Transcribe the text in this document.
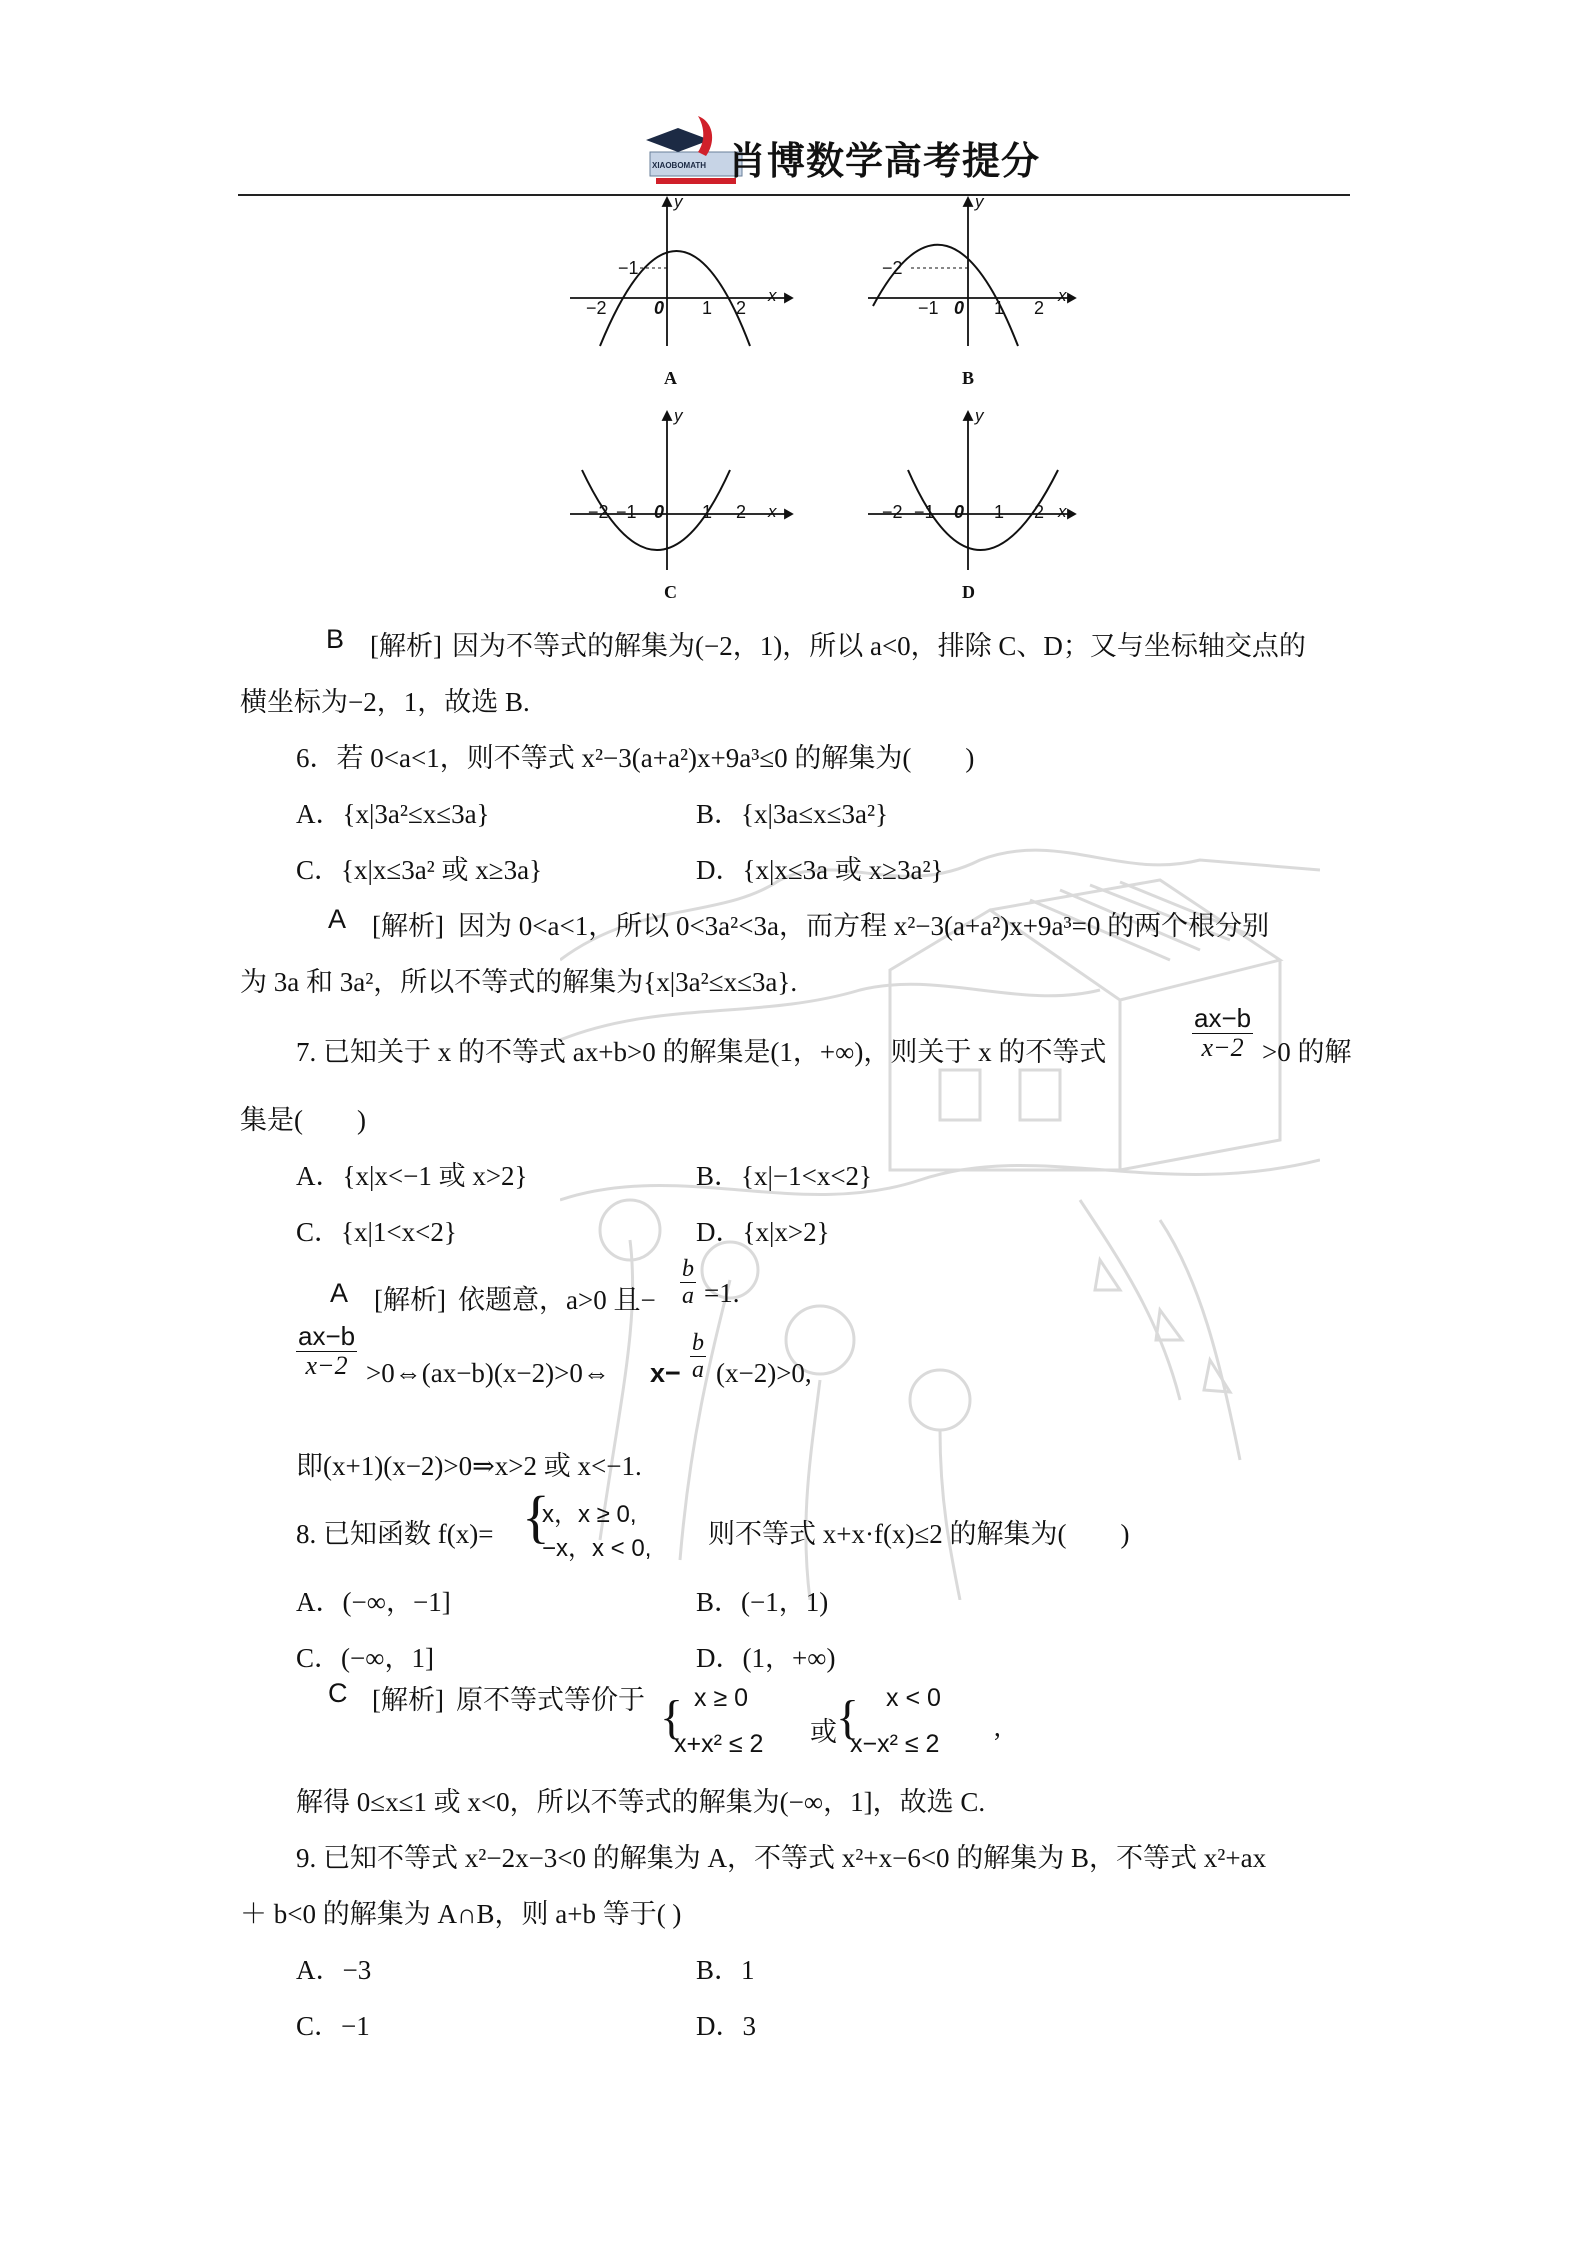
XIAOBOMATH 肖博数学高考提分
y
x
−2
−1
0 1 2
A
y
x
−2
−1 0 1 2
B
y
x
−2 −1 0 1 2
C
y
x
−2 −1 0 1 2
D
B [解析] 因为不等式的解集为(−2，1)，所以 a<0，排除 C、D；又与坐标轴交点的
横坐标为−2，1，故选 B.
6．若 0<a<1，则不等式 x²−3(a+a²)x+9a³≤0 的解集为(　　)
A．{x|3a²≤x≤3a}	B．{x|3a≤x≤3a²}
C．{x|x≤3a² 或 x≥3a}	D．{x|x≤3a 或 x≥3a²}
A [解析] 因为 0<a<1，所以 0<3a²<3a，而方程 x²−3(a+a²)x+9a³=0 的两个根分别
为 3a 和 3a²，所以不等式的解集为{x|3a²≤x≤3a}.
7. 已知关于 x 的不等式 ax+b>0 的解集是(1，+∞)，则关于 x 的不等式	$\frac{ax-b}{x-2} >0$ 的解
集是(　　)
A．{x|x<−1 或 x>2}	B．{x|−1<x<2}
C．{x|1<x<2}	D．{x|x>2}
A [解析] 依题意，a>0 且− $\frac{b}{a} =1$.
$\frac{ax-b}{x-2}$ >0⇔(ax−b)(x−2)>0⇔ $x- \frac{b}{a} (x-2)>0$,
即(x+1)(x−2)>0⇒x>2 或 x<−1.
8. 已知函数 f(x)= {
x，x ≥ 0,
−x，x < 0, 则不等式 x+x·f(x)≤2 的解集为(　　)
A．(−∞，−1]	B．(−1，1)
C．(−∞，1]	D．(1，+∞)
C [解析] 原不等式等价于 { x ≥ 0
x+x² ≤ 2 或 { x < 0
x−x² ≤ 2
,
解得 0≤x≤1 或 x<0，所以不等式的解集为(−∞，1]，故选 C.
9. 已知不等式 x²−2x−3<0 的解集为 A，不等式 x²+x−6<0 的解集为 B，不等式 x²+ax
＋ b<0 的解集为 A∩B，则 a+b 等于( )
A．−3	B．1
C．−1	D．3
